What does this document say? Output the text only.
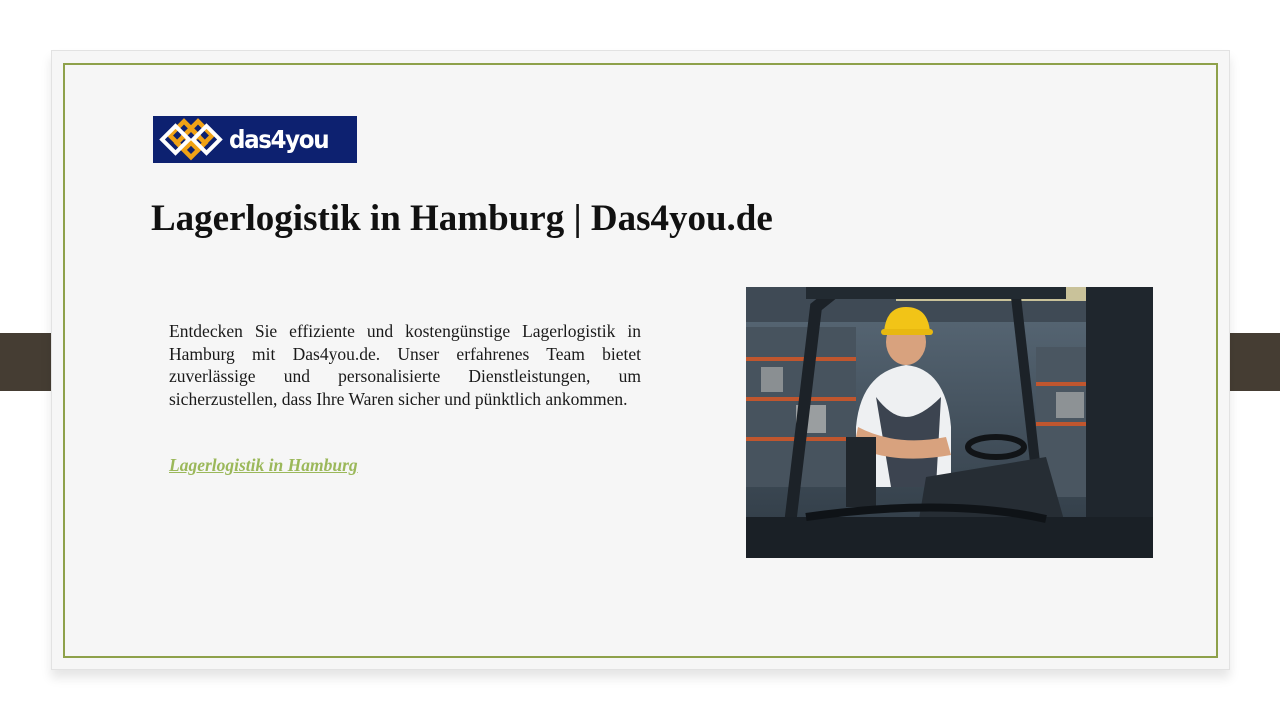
das4you
Lagerlogistik in Hamburg | Das4you.de

Entdecken Sie effiziente und kostengünstige Lagerlogistik in Hamburg mit Das4you.de. Unser erfahrenes Team bietet zuverlässige und personalisierte Dienstleistungen, um sicherzustellen, dass Ihre Waren sicher und pünktlich ankommen.

Lagerlogistik in Hamburg
